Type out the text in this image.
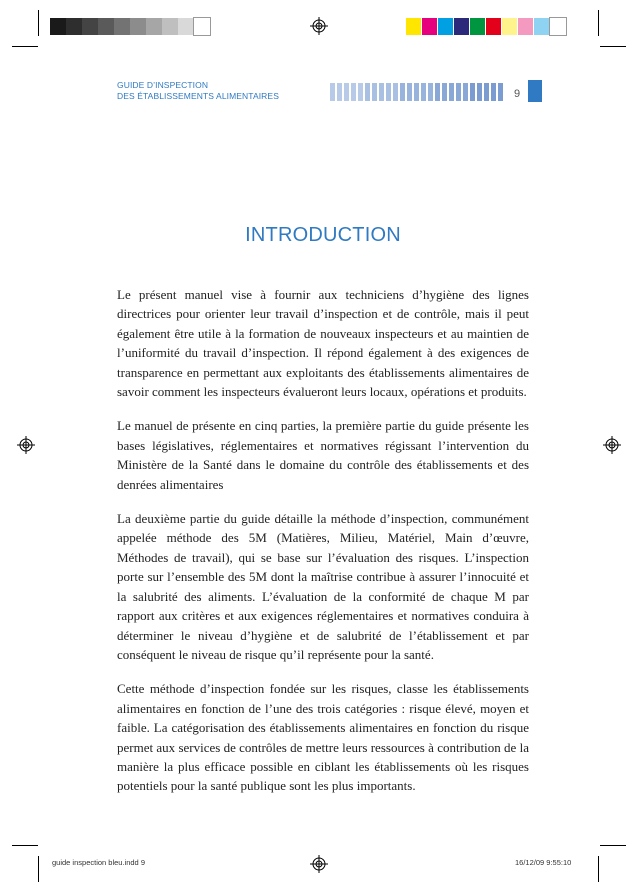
GUIDE D’INSPECTION
DES ÉTABLISSEMENTS ALIMENTAIRES	9
INTRODUCTION

Le présent manuel vise à fournir aux techniciens d’hygiène des lignes directrices pour orienter leur travail d’inspection et de contrôle, mais il peut également être utile à la formation de nouveaux inspecteurs et au maintien de l’uniformité du travail d’inspection. Il répond également à des exigences de transparence en permettant aux exploitants des établissements alimentaires de savoir comment les inspecteurs évalueront leurs locaux, opérations et produits.

Le manuel de présente en cinq parties, la première partie du guide présente les bases législatives, réglementaires et normatives régissant l’intervention du Ministère de la Santé dans le domaine du contrôle des établissements et des denrées alimentaires

La deuxième partie du guide détaille la méthode d’inspection, communément appelée méthode des 5M (Matières, Milieu, Matériel, Main d’œuvre, Méthodes de travail), qui se base sur l’évaluation des risques. L’inspection porte sur l’ensemble des 5M dont la maîtrise contribue à assurer l’innocuité et la salubrité des aliments. L’évaluation de la conformité de chaque M par rapport aux critères et aux exigences réglementaires et normatives conduira à déterminer le niveau d’hygiène et de salubrité de l’établissement et par conséquent le niveau de risque qu’il représente pour la santé.

Cette méthode d’inspection fondée sur les risques, classe les établissements alimentaires en fonction de l’une des trois catégories : risque élevé, moyen et faible. La catégorisation des établissements alimentaires en fonction du risque permet aux services de contrôles de mettre leurs ressources à contribution de la manière la plus efficace possible en ciblant les établissements où les risques potentiels pour la santé publique sont les plus importants.

guide inspection bleu.indd 9	16/12/09 9:55:10
